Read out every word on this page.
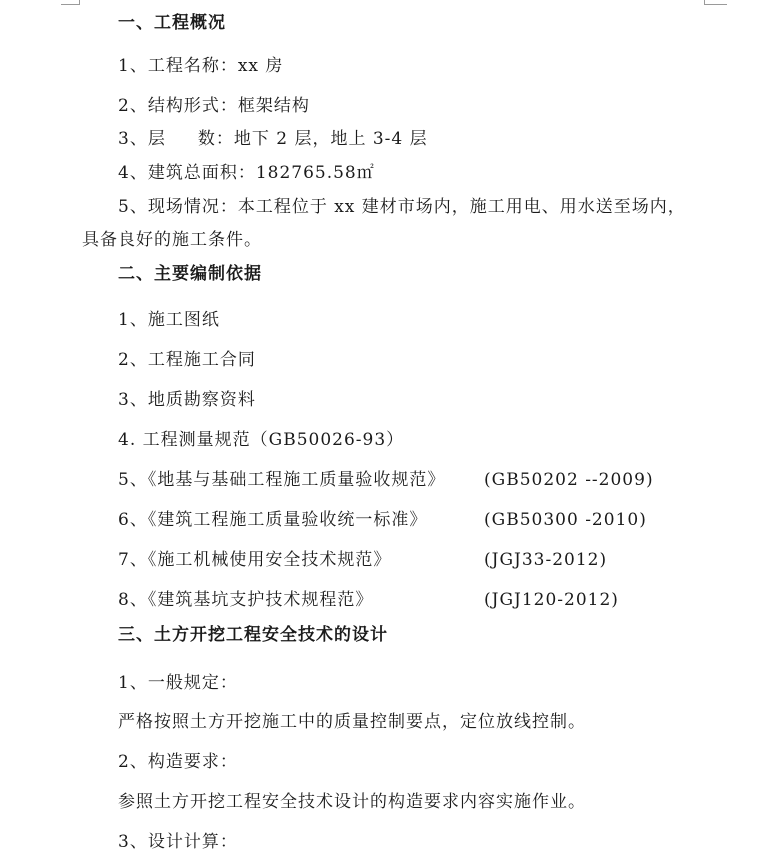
一、工程概况
1、工程名称：xx 房
2、结构形式：框架结构
3、层     数：地下 2 层，地上 3-4 层
4、建筑总面积：182765.58㎡
5、现场情况：本工程位于 xx 建材市场内，施工用电、用水送至场内，
具备良好的施工条件。
二、主要编制依据
1、施工图纸
2、工程施工合同
3、地质勘察资料
4. 工程测量规范（GB50026-93）
5、《地基与基础工程施工质量验收规范》 (GB50202 --2009)
6、《建筑工程施工质量验收统一标准》	(GB50300 -2010)
7、《施工机械使用安全技术规范》	(JGJ33-2012)
8、《建筑基坑支护技术规程范》	(JGJ120-2012)
三、土方开挖工程安全技术的设计
1、一般规定：
严格按照土方开挖施工中的质量控制要点，定位放线控制。
2、构造要求：
参照土方开挖工程安全技术设计的构造要求内容实施作业。
3、设计计算：
